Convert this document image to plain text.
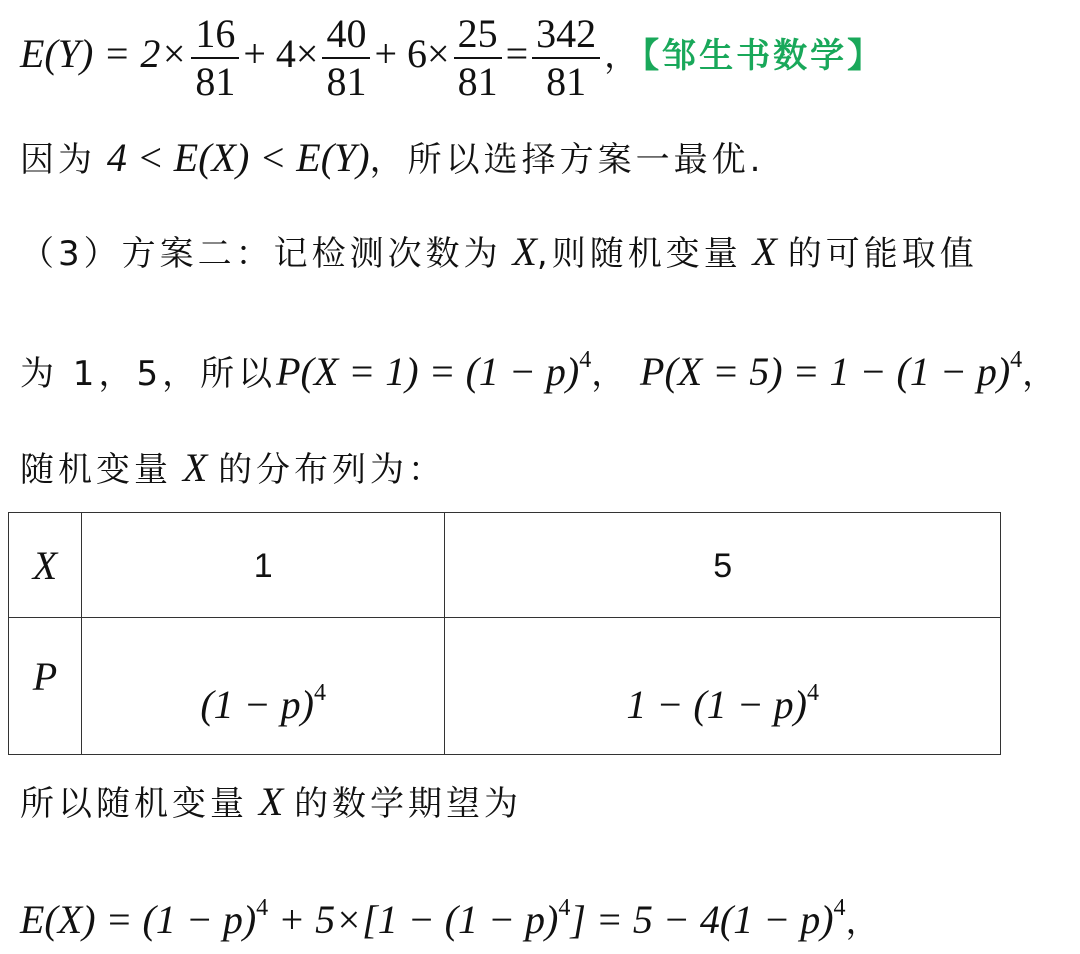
$E(Y) = 2\times \frac{16}{81} + 4\times \frac{40}{81} + 6\times \frac{25}{81} = \frac{342}{81}$ ，【邹生书数学】
因为 4 < E(X) < E(Y)，所以选择方案一最优.
（3）方案二：记检测次数为 X,则随机变量 X 的可能取值
为 1，5，所以$P(X = 1) = (1 - p)^4$， $P(X = 5) = 1 - (1 - p)^4$，
随机变量 X 的分布列为：
X	1	5
P	$(1 - p)^4$	$1 - (1 - p)^4$
所以随机变量 X 的数学期望为
$E(X) = (1 - p)^4 + 5\times[1 - (1 - p)^4] = 5 - 4(1 - p)^4$，
